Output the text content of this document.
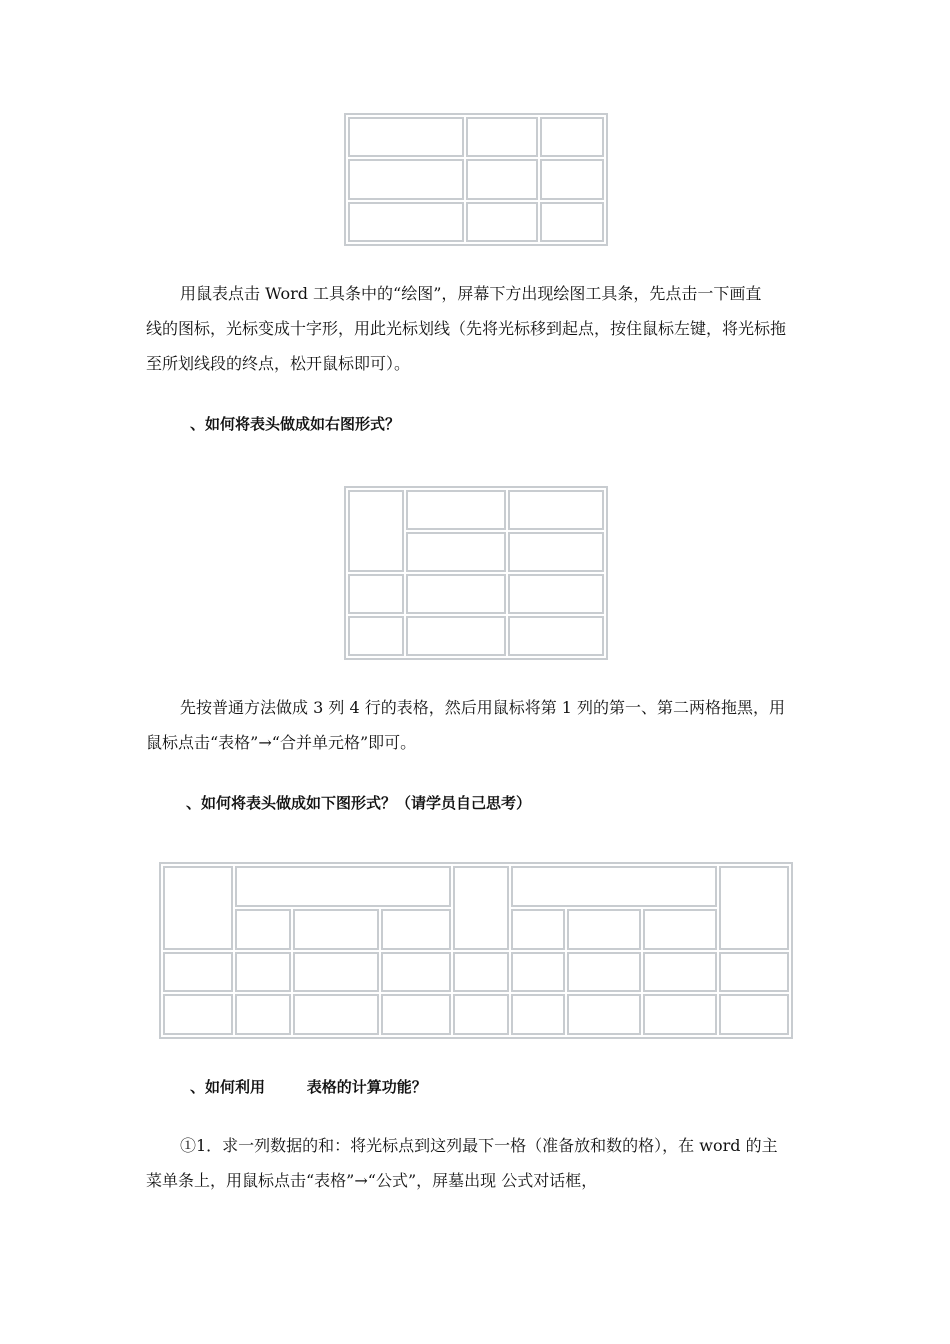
用鼠表点击 Word 工具条中的“绘图”，屏幕下方出现绘图工具条，先点击一下画直
线的图标，光标变成十字形，用此光标划线（先将光标移到起点，按住鼠标左键，将光标拖
至所划线段的终点，松开鼠标即可）。

、如何将表头做成如右图形式？

先按普通方法做成 3 列 4 行的表格，然后用鼠标将第 1 列的第一、第二两格拖黑，用
鼠标点击“表格”→“合并单元格”即可。

、如何将表头做成如下图形式？（请学员自己思考）

、如何利用        表格的计算功能？

①1．求一列数据的和：将光标点到这列最下一格（准备放和数的格），在 word 的主
菜单条上，用鼠标点击“表格”→“公式”，屏墓出现 公式对话框，
